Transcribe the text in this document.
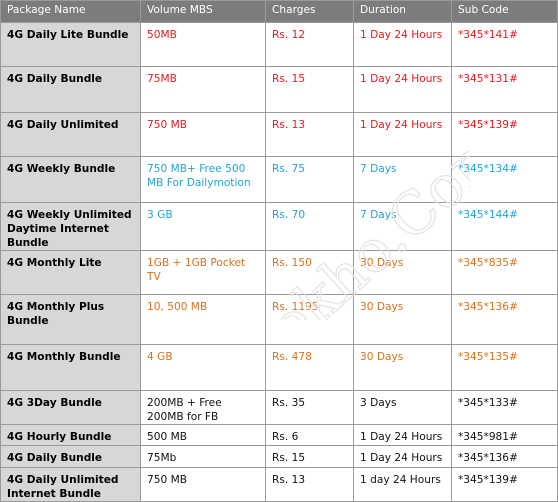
Package Name	Volume MBS	Charges	Duration	Sub Code
4G Daily Lite Bundle	50MB	Rs. 12	1 Day 24 Hours	*345*141#
4G Daily Bundle	75MB	Rs. 15	1 Day 24 Hours	*345*131#
4G Daily Unlimited	750 MB	Rs. 13	1 Day 24 Hours	*345*139#
4G Weekly Bundle	750 MB+ Free 500 MB For Dailymotion	Rs. 75	7 Days	*345*134#
4G Weekly Unlimited Daytime Internet Bundle	3 GB	Rs. 70	7 Days	*345*144#
4G Monthly Lite	1GB + 1GB Pocket TV	Rs. 150	30 Days	*345*835#
4G Monthly Plus Bundle	10, 500 MB	Rs. 1195	30 Days	*345*136#
4G Monthly Bundle	4 GB	Rs. 478	30 Days	*345*135#
4G 3Day Bundle	200MB + Free 200MB for FB	Rs. 35	3 Days	*345*133#
4G Hourly Bundle	500 MB	Rs. 6	1 Day 24 Hours	*345*981#
4G Daily Bundle	75Mb	Rs. 15	1 Day 24 Hours	*345*136#
4G Daily Unlimited Internet Bundle	750 MB	Rs. 13	1 day 24 Hours	*345*139#
